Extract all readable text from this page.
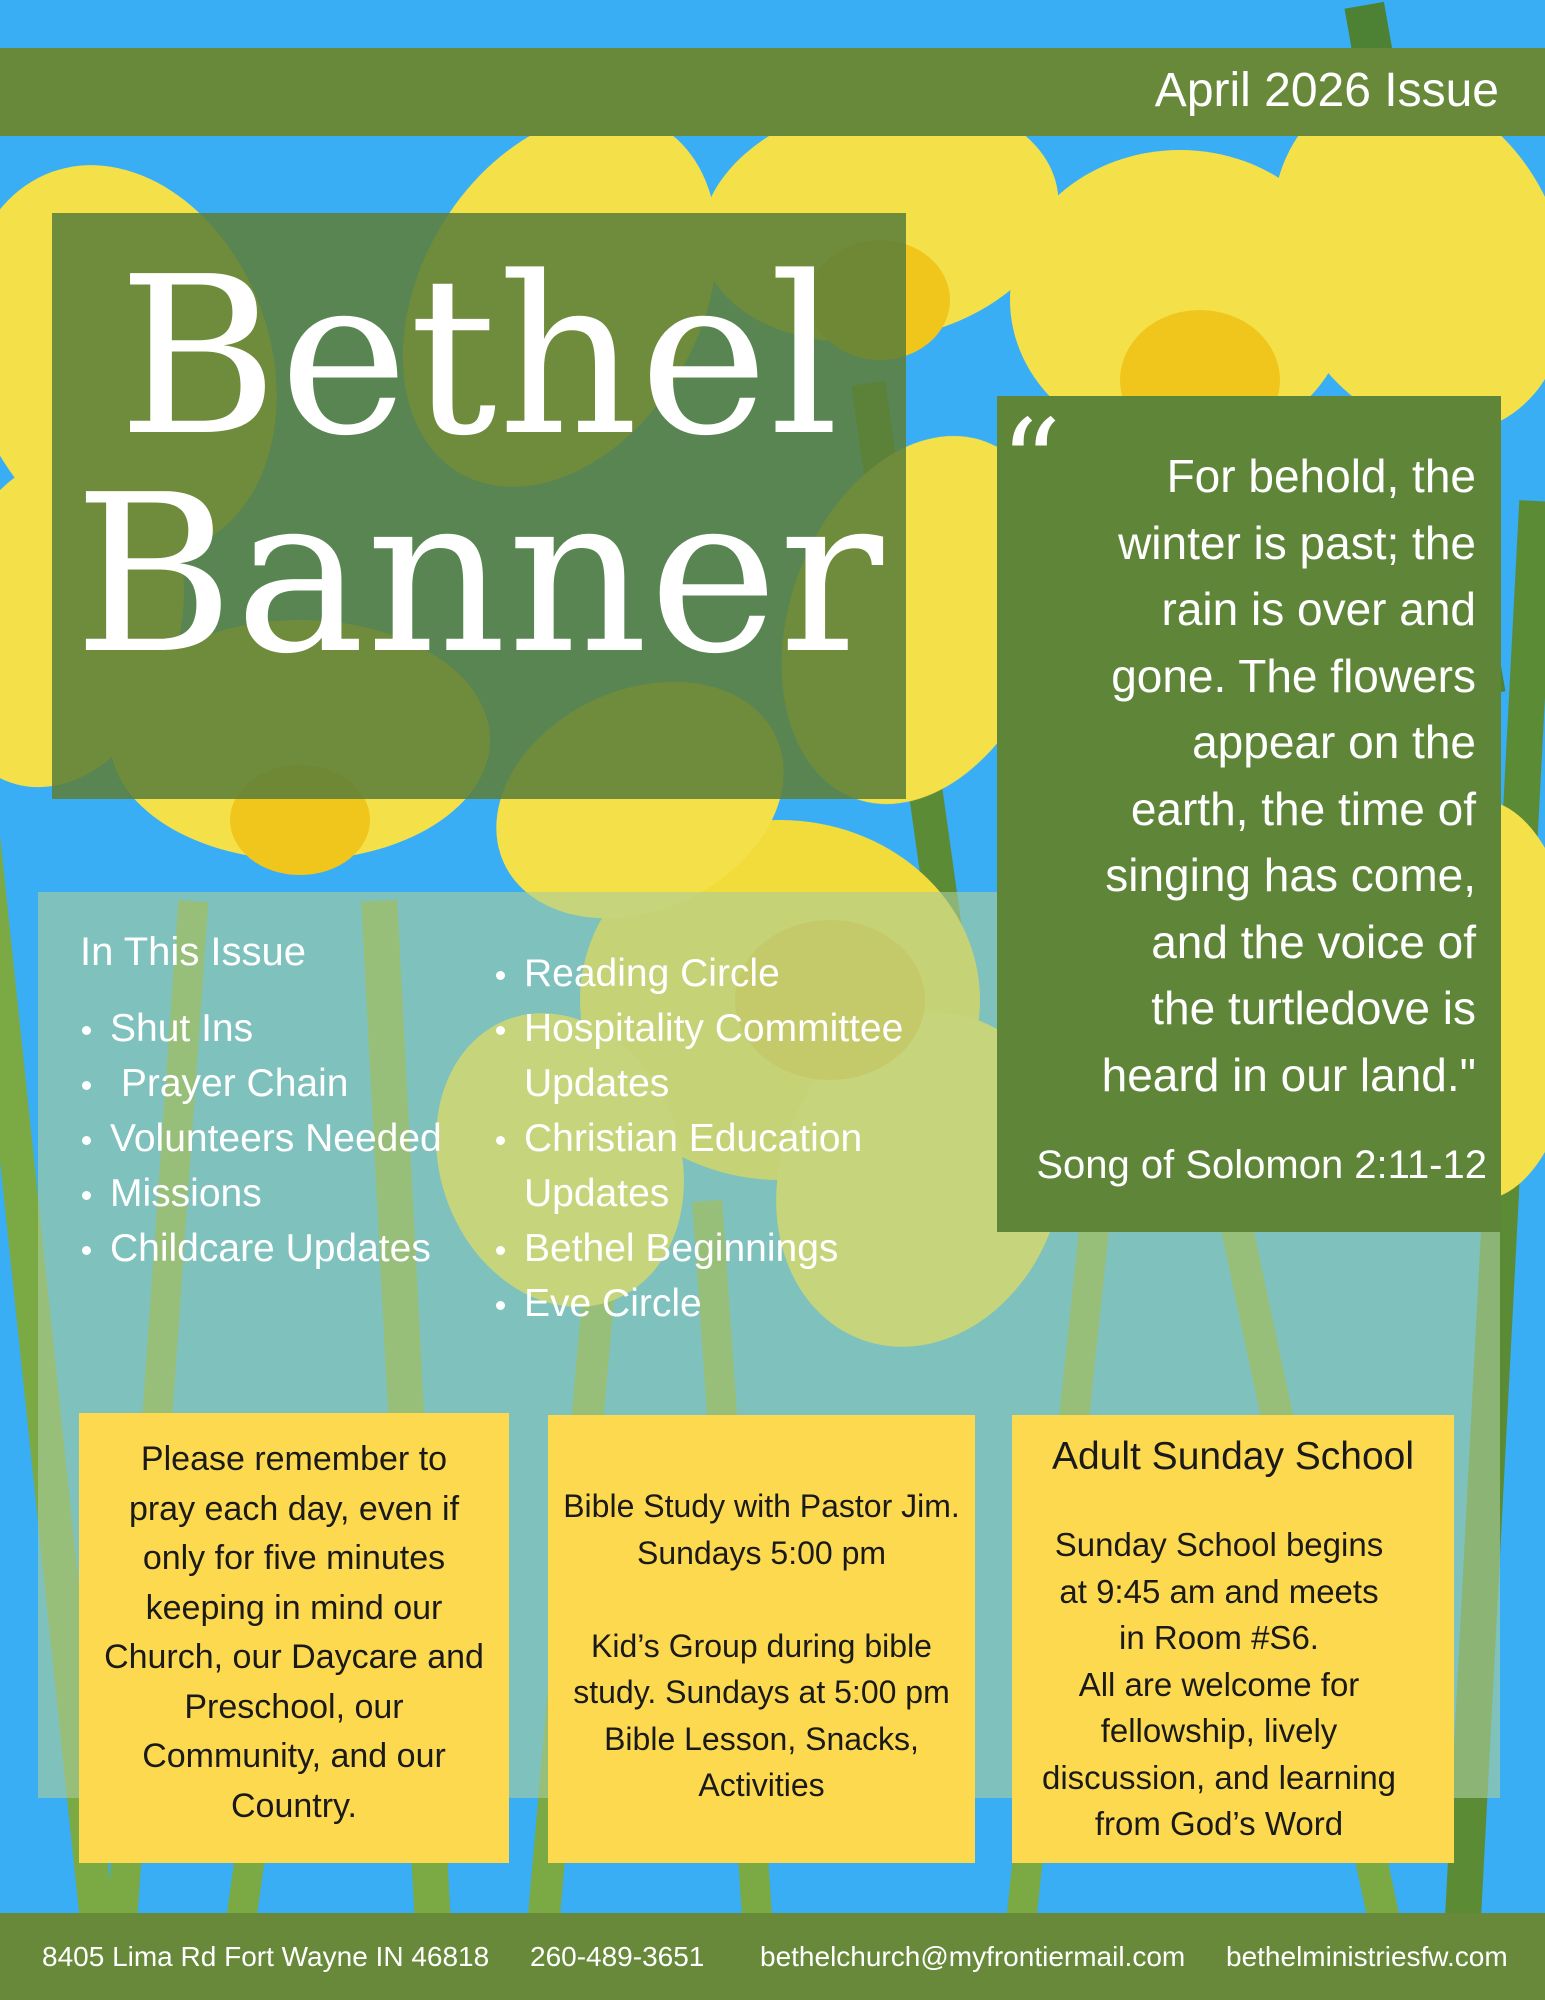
April 2026 Issue
Bethel
Banner
In This Issue
Shut Ins
Prayer Chain
Volunteers Needed
Missions
Childcare Updates
Reading Circle
Hospitality Committee Updates
Christian Education Updates
Bethel Beginnings
Eve Circle
“	For behold, the
winter is past; the
rain is over and
gone. The flowers
appear on the
earth, the time of
singing has come,
and the voice of
the turtledove is
heard in our land."
Song of Solomon 2:11-12
Please remember to
pray each day, even if
only for five minutes
keeping in mind our
Church, our Daycare and
Preschool, our
Community, and our
Country.
Bible Study with Pastor Jim.
Sundays 5:00 pm

Kid’s Group during bible
study. Sundays at 5:00 pm
Bible Lesson, Snacks,
Activities
Adult Sunday School
Sunday School begins
at 9:45 am and meets
in Room #S6.
All are welcome for
fellowship, lively
discussion, and learning
from God’s Word
8405 Lima Rd Fort Wayne IN 46818 260-489-3651 bethelchurch@myfrontiermail.com bethelministriesfw.com
